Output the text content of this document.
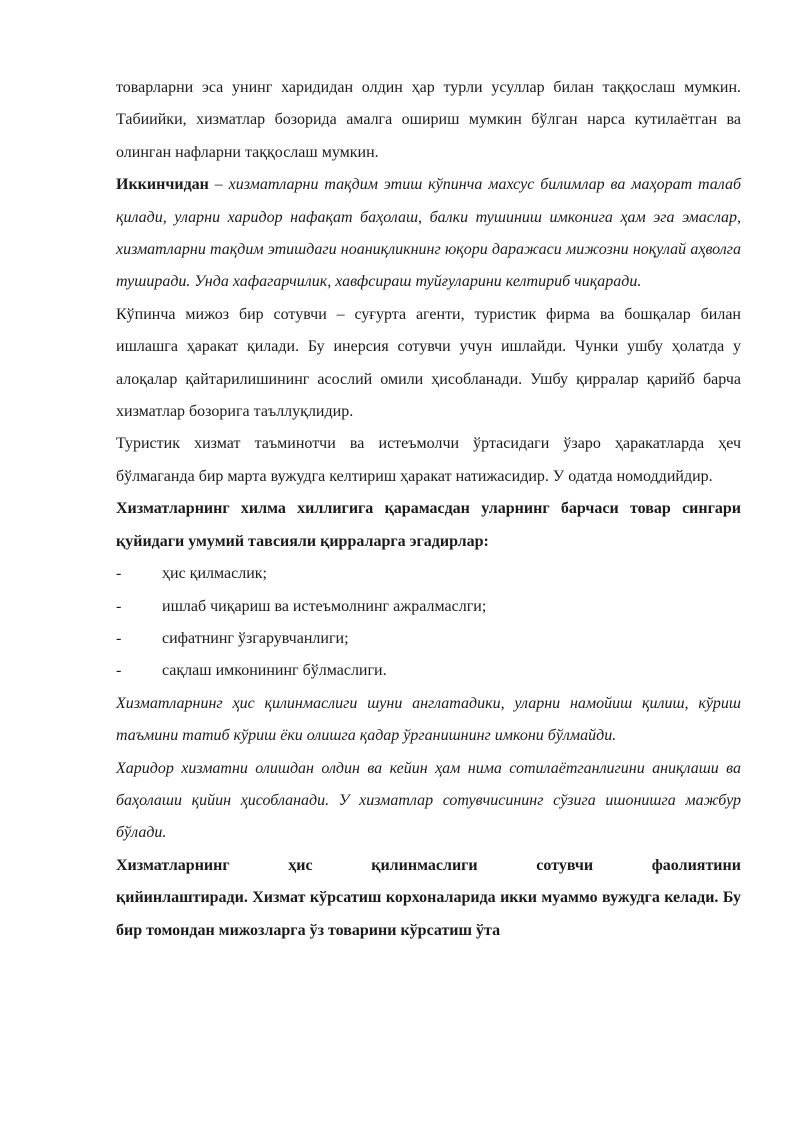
товарларни эса унинг харидидан олдин ҳар турли усуллар билан таққослаш мумкин. Табиийки, хизматлар бозорида амалга ошириш мумкин бўлган нарса кутилаётган ва олинган нафларни таққослаш мумкин.

Иккинчидан – хизматларни тақдим этиш кўпинча махсус билимлар ва маҳорат талаб қилади, уларни харидор нафақат баҳолаш, балки тушиниш имконига ҳам эга эмаслар, хизматларни тақдим этишдаги ноаниқликнинг юқори даражаси мижозни ноқулай аҳволга туширади. Унда хафагарчилик, хавфсираш туйғуларини келтириб чиқаради.

Кўпинча мижоз бир сотувчи – суғурта агенти, туристик фирма ва бошқалар билан ишлашга ҳаракат қилади. Бу инерсия сотувчи учун ишлайди. Чунки ушбу ҳолатда у алоқалар қайтарилишининг асослий омили ҳисобланади. Ушбу қирралар қарийб барча хизматлар бозорига таъллуқлидир.

Туристик хизмат таъминотчи ва истеъмолчи ўртасидаги ўзаро ҳаракатларда ҳеч бўлмаганда бир марта вужудга келтириш ҳаракат натижасидир. У одатда номоддийдир.

Хизматларнинг хилма хиллигига қарамасдан уларнинг барчаси товар сингари қуйидаги умумий тавсияли қирраларга эгадирлар:

-	ҳис қилмаслик;
-	ишлаб чиқариш ва истеъмолнинг ажралмаслги;
-	сифатнинг ўзгарувчанлиги;
-	сақлаш имконининг бўлмаслиги.

Хизматларнинг ҳис қилинмаслиги шуни англатадики, уларни намойиш қилиш, кўриш таъмини татиб кўриш ёки олишга қадар ўрганишнинг имкони бўлмайди.

Харидор хизматни олишдан олдин ва кейин ҳам нима сотилаётганлигини аниқлаши ва баҳолаши қийин ҳисобланади. У хизматлар сотувчисининг сўзига ишонишга мажбур бўлади.

Хизматларнинг	ҳис	қилинмаслиги	сотувчи	фаолиятини

қийинлаштиради. Хизмат кўрсатиш корхоналарида икки муаммо вужудга келади. Бу бир томондан мижозларга ўз товарини кўрсатиш ўта
